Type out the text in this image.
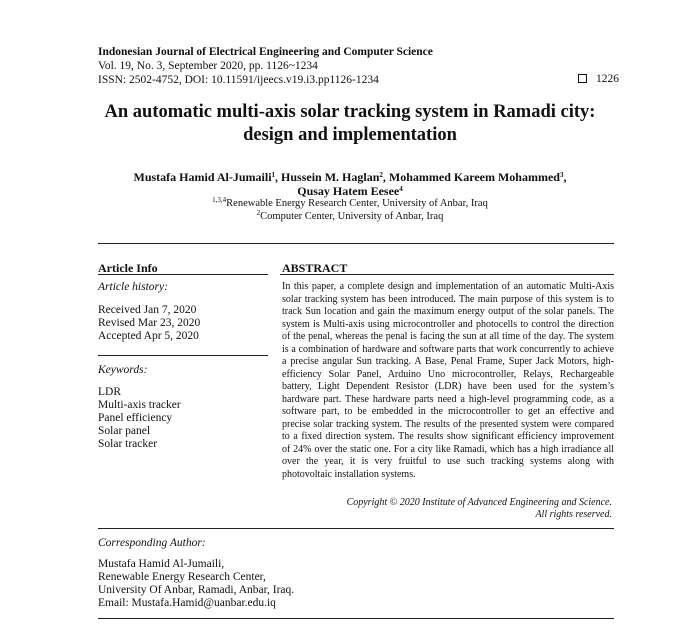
Indonesian Journal of Electrical Engineering and Computer Science
Vol. 19, No. 3, September 2020, pp. 1126~1234
ISSN: 2502-4752, DOI: 10.11591/ijeecs.v19.i3.pp1126-1234	1226
An automatic multi-axis solar tracking system in Ramadi city:
design and implementation
Mustafa Hamid Al-Jumaili$^1$, Hussein M. Haglan$^2$, Mohammed Kareem Mohammed$^3$,
Qusay Hatem Eesee$^4$
$^{1,3,4}$Renewable Energy Research Center, University of Anbar, Iraq
$^2$Computer Center, University of Anbar, Iraq
Article Info
Article history:
Received Jan 7, 2020
Revised Mar 23, 2020
Accepted Apr 5, 2020
Keywords:
LDR
Multi-axis tracker
Panel efficiency
Solar panel
Solar tracker
ABSTRACT
In this paper, a complete design and implementation of an automatic Multi-Axis solar tracking system has been introduced. The main purpose of this system is to track Sun location and gain the maximum energy output of the solar panels. The system is Multi-axis using microcontroller and photocells to control the direction of the penal, whereas the penal is facing the sun at all time of the day. The system is a combination of hardware and software parts that work concurrently to achieve a precise angular Sun tracking. A Base, Penal Frame, Super Jack Motors, high-efficiency Solar Panel, Arduino Uno microcontroller, Relays, Rechargeable battery, Light Dependent Resistor (LDR) have been used for the system’s hardware part. These hardware parts need a high-level programming code, as a software part, to be embedded in the microcontroller to get an effective and precise solar tracking system. The results of the presented system were compared to a fixed direction system. The results show significant efficiency improvement of 24% over the static one. For a city like Ramadi, which has a high irradiance all over the year, it is very fruitful to use such tracking systems along with photovoltaic installation systems.
Copyright © 2020 Institute of Advanced Engineering and Science.
All rights reserved.
Corresponding Author:
Mustafa Hamid Al-Jumaili,
Renewable Energy Research Center,
University Of Anbar, Ramadi, Anbar, Iraq.
Email: Mustafa.Hamid@uanbar.edu.iq
